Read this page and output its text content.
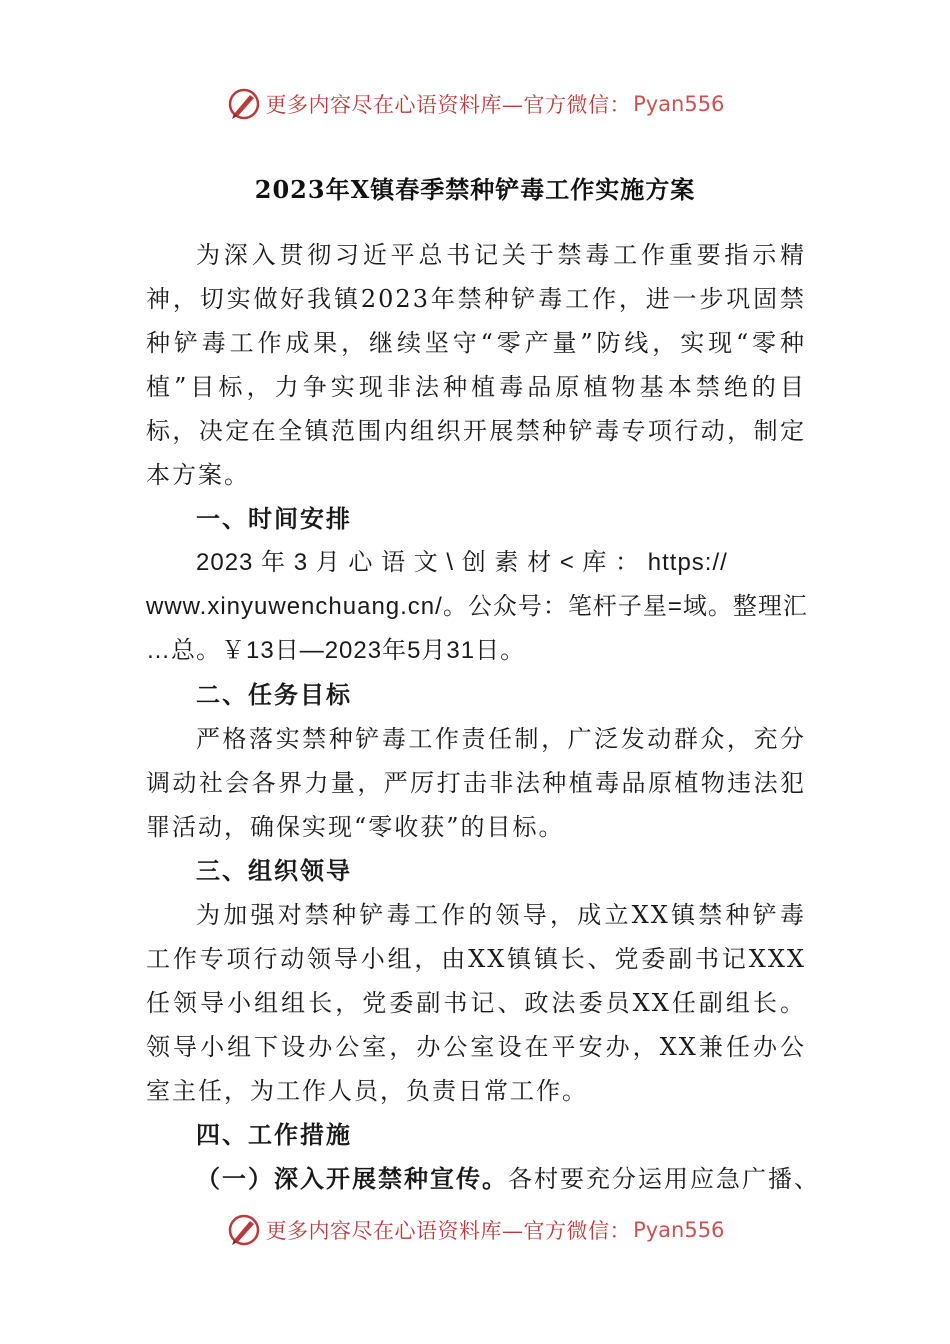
更多内容尽在心语资料库—官方微信： Pyan556
2023年X镇春季禁种铲毒工作实施方案
为深入贯彻习近平总书记关于禁毒工作重要指示精神，切实做好我镇2023年禁种铲毒工作，进一步巩固禁种铲毒工作成果，继续坚守“零产量”防线，实现“零种植”目标，力争实现非法种植毒品原植物基本禁绝的目标，决定在全镇范围内组织开展禁种铲毒专项行动，制定本方案。
一、时间安排
2023 年 3 月 心 语 文 \ 创 素 材 < 库 ： https://
www.xinyuwenchuang.cn/。公众号：笔杆子星=域。整理汇
…总。￥13日—2023年5月31日。
二、任务目标
严格落实禁种铲毒工作责任制，广泛发动群众，充分调动社会各界力量，严厉打击非法种植毒品原植物违法犯罪活动，确保实现“零收获”的目标。
三、组织领导
为加强对禁种铲毒工作的领导，成立XX镇禁种铲毒工作专项行动领导小组，由XX镇镇长、党委副书记XXX任领导小组组长，党委副书记、政法委员XX任副组长。领导小组下设办公室，办公室设在平安办，XX兼任办公室主任，为工作人员，负责日常工作。
四、工作措施
（一）深入开展禁种宣传。各村要充分运用应急广播、
更多内容尽在心语资料库—官方微信： Pyan556
